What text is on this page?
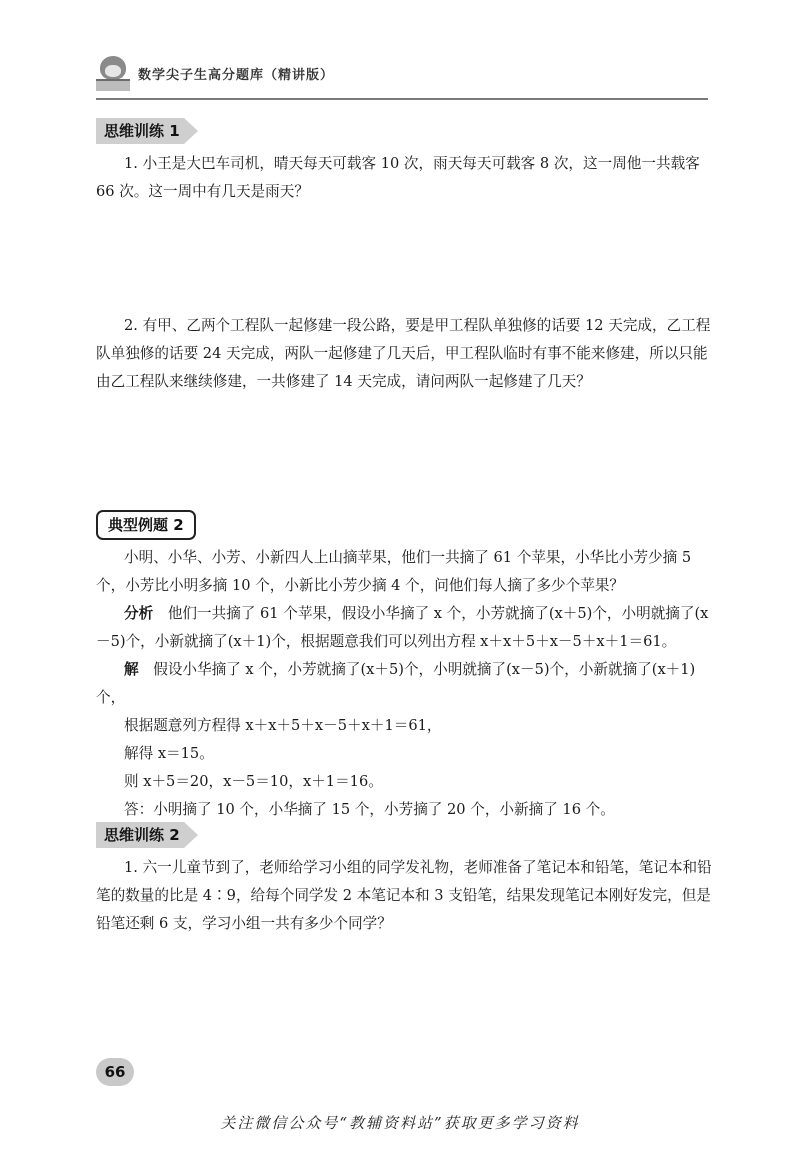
数学尖子生高分题库（精讲版）
思维训练 1

1. 小王是大巴车司机，晴天每天可载客 10 次，雨天每天可载客 8 次，这一周他一共载客 66 次。这一周中有几天是雨天？

2. 有甲、乙两个工程队一起修建一段公路，要是甲工程队单独修的话要 12 天完成，乙工程队单独修的话要 24 天完成，两队一起修建了几天后，甲工程队临时有事不能来修建，所以只能由乙工程队来继续修建，一共修建了 14 天完成，请问两队一起修建了几天？

典型例题 2

小明、小华、小芳、小新四人上山摘苹果，他们一共摘了 61 个苹果，小华比小芳少摘 5 个，小芳比小明多摘 10 个，小新比小芳少摘 4 个，问他们每人摘了多少个苹果？

分析　 他们一共摘了 61 个苹果，假设小华摘了 x 个，小芳就摘了(x＋5)个，小明就摘了(x－5)个，小新就摘了(x＋1)个，根据题意我们可以列出方程 x＋x＋5＋x－5＋x＋1＝61。

解　 假设小华摘了 x 个，小芳就摘了(x＋5)个，小明就摘了(x－5)个，小新就摘了(x＋1)个，

根据题意列方程得 x＋x＋5＋x－5＋x＋1＝61，

解得 x＝15。

则 x＋5＝20，x－5＝10，x＋1＝16。

答：小明摘了 10 个，小华摘了 15 个，小芳摘了 20 个，小新摘了 16 个。

思维训练 2

1. 六一儿童节到了，老师给学习小组的同学发礼物，老师准备了笔记本和铅笔，笔记本和铅笔的数量的比是 4∶9，给每个同学发 2 本笔记本和 3 支铅笔，结果发现笔记本刚好发完，但是铅笔还剩 6 支，学习小组一共有多少个同学？

66
关注微信公众号“教辅资料站”获取更多学习资料
